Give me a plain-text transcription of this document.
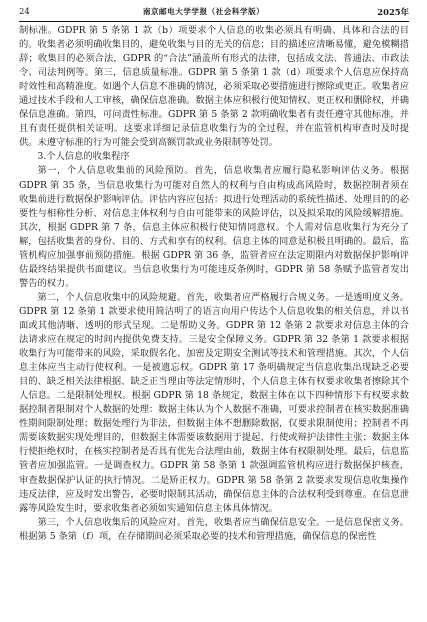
24	南京邮电大学学报（社会科学版）	2025年

制标准。GDPR 第 5 条第 1 款（b）项要求个人信息的收集必须具有明确、具体和合法的目的。收集者必须明确收集目的，避免收集与目的无关的信息；目的描述应清晰易懂，避免模糊措辞；收集目的必须合法，GDPR 的“合法”涵盖所有形式的法律，包括成文法、普通法、市政法令、司法判例等。第三，信息质量标准。GDPR 第 5 条第 1 款（d）项要求个人信息应保持高时效性和高精准度。如遇个人信息不准确的情况，必须采取必要措施进行擦除或更正。收集者应通过技术手段和人工审核，确保信息准确。数据主体应积极行使知情权、更正权和删除权，并确保信息准确。第四，可问责性标准。GDPR 第 5 条第 2 款明确收集者有责任遵守其他标准，并且有责任提供相关证明。这要求详细记录信息收集行为的全过程，并在监管机构审查时及时提供。未遵守标准的行为可能会受到高额罚款或业务限制等处罚。

3.个人信息的收集程序

第一，个人信息收集前的风险预防。首先，信息收集者应履行隐私影响评估义务。根据 GDPR 第 35 条，当信息收集行为可能对自然人的权利与自由构成高风险时，数据控制者须在收集前进行数据保护影响评估。评估内容应包括：拟进行处理活动的系统性描述、处理目的的必要性与相称性分析、对信息主体权利与自由可能带来的风险评估，以及拟采取的风险缓解措施。其次，根据 GDPR 第 7 条，信息主体应积极行使知情同意权。个人需对信息收集行为充分了解，包括收集者的身份、目的、方式和享有的权利。信息主体的同意是积极且明确的。最后，监管机构应加强事前预防措施。根据 GDPR 第 36 条，监管者应在法定期限内对数据保护影响评估最终结果提供书面建议。当信息收集行为可能违反条例时，GDPR 第 58 条赋予监管者发出警告的权力。

第二，个人信息收集中的风险规避。首先，收集者应严格履行合规义务。一是透明度义务。GDPR 第 12 条第 1 款要求使用简洁明了的语言向用户传达个人信息收集的相关信息，并以书面或其他清晰、透明的形式呈现。二是帮助义务。GDPR 第 12 条第 2 款要求对信息主体的合法请求应在规定的时间内提供免费支持。三是安全保障义务。GDPR 第 32 条第 1 款要求根据收集行为可能带来的风险，采取假名化、加密及定期安全测试等技术和管理措施。其次，个人信息主体应当主动行使权利。一是被遗忘权。GDPR 第 17 条明确规定当信息收集出现缺乏必要目的、缺乏相关法律根据、缺乏正当理由等法定情形时，个人信息主体有权要求收集者擦除其个人信息。二是限制处理权。根据 GDPR 第 18 条规定，数据主体在以下四种情形下有权要求数据控制者限制对个人数据的处理：数据主体认为个人数据不准确，可要求控制者在核实数据准确性期间限制处理；数据处理行为非法，但数据主体不想删除数据，仅要求限制使用；控制者不再需要该数据实现处理目的，但数据主体需要该数据用于提起、行使或辩护法律性主张；数据主体行使拒绝权时，在核实控制者是否具有优先合法理由前，数据主体有权限制处理。最后，信息监管者应加强监管。一是调查权力。GDPR 第 58 条第 1 款强调监管机构应进行数据保护核查，审查数据保护认证的执行情况。二是矫正权力。GDPR 第 58 条第 2 款要求发现信息收集操作违反法律，应及时发出警告，必要时限制其活动，确保信息主体的合法权利受到尊重。在信息泄露等风险发生时，要求收集者必须如实通知信息主体具体情况。

第三，个人信息收集后的风险应对。首先，收集者应当确保信息安全。一是信息保密义务。根据第 5 条第（f）项，在存储期间必须采取必要的技术和管理措施，确保信息的保密性
